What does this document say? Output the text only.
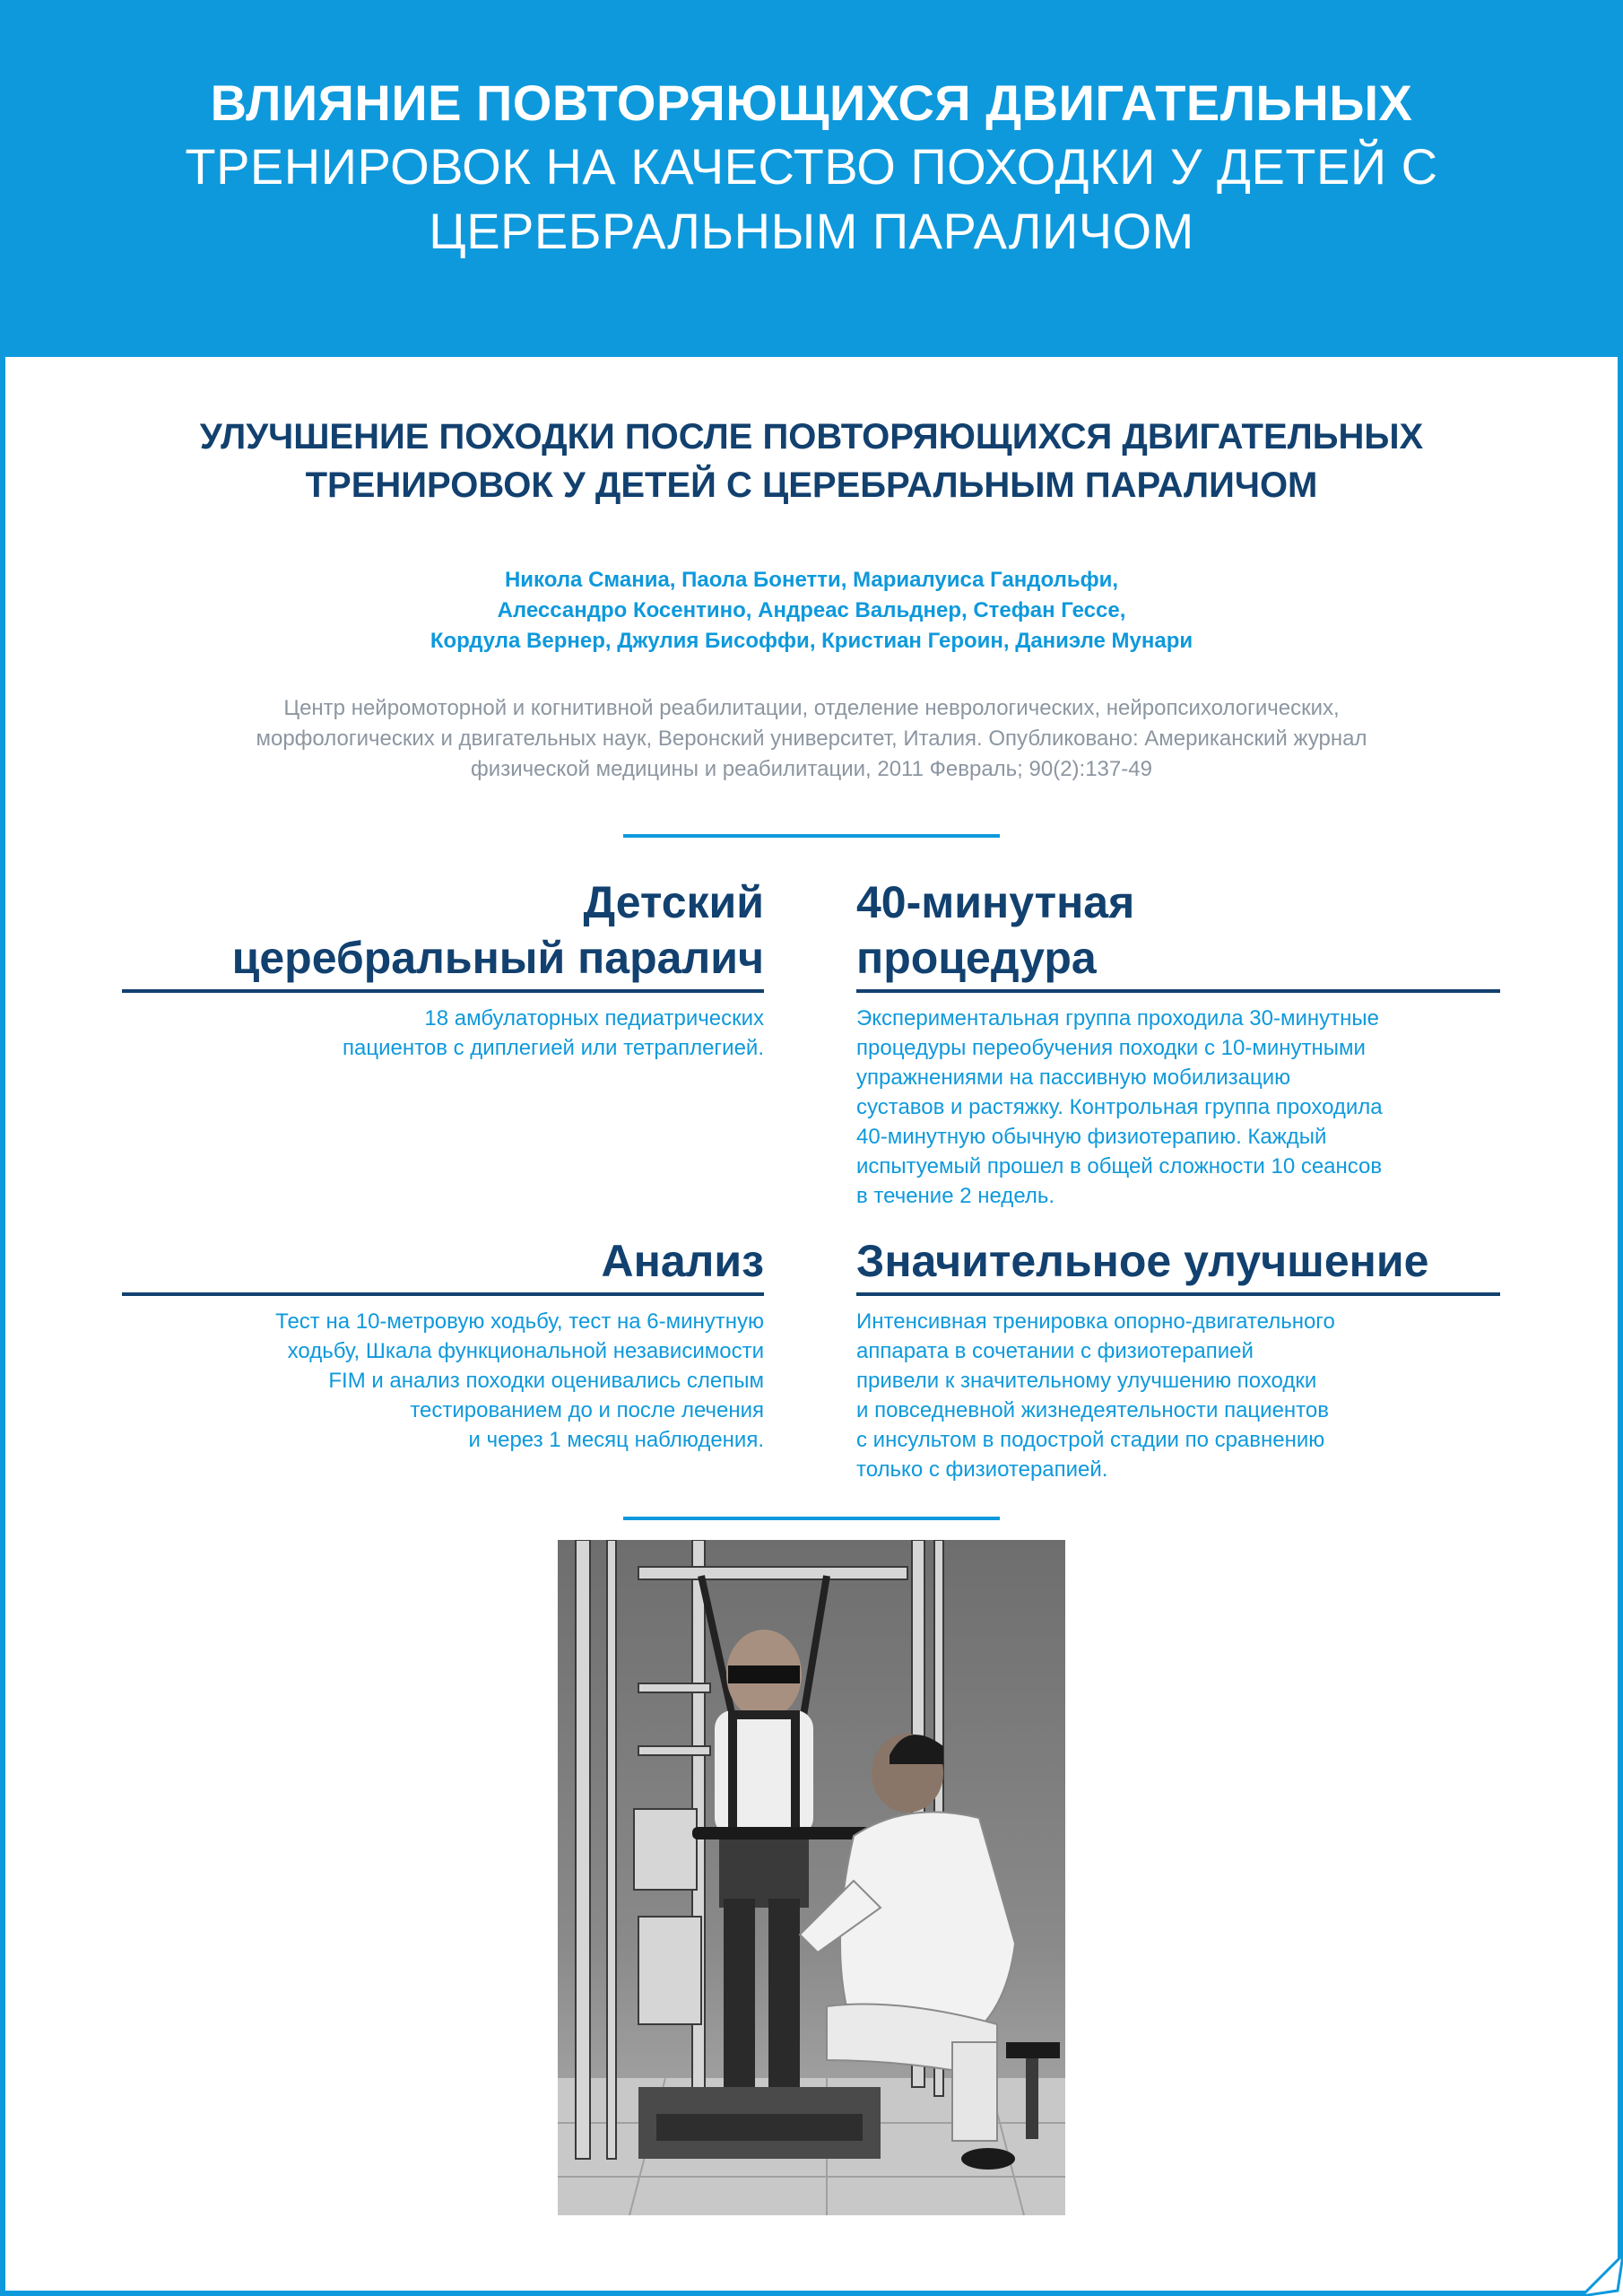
ВЛИЯНИЕ ПОВТОРЯЮЩИХСЯ ДВИГАТЕЛЬНЫХ
ТРЕНИРОВОК НА КАЧЕСТВО ПОХОДКИ У ДЕТЕЙ С
ЦЕРЕБРАЛЬНЫМ ПАРАЛИЧОМ
УЛУЧШЕНИЕ ПОХОДКИ ПОСЛЕ ПОВТОРЯЮЩИХСЯ ДВИГАТЕЛЬНЫХ
ТРЕНИРОВОК У ДЕТЕЙ С ЦЕРЕБРАЛЬНЫМ ПАРАЛИЧОМ
Никола Сманиа, Паола Бонетти, Мариалуиса Гандольфи,
Алессандро Косентино, Андреас Вальднер, Стефан Гессе,
Кордула Вернер, Джулия Бисоффи, Кристиан Героин, Даниэле Мунари
Центр нейромоторной и когнитивной реабилитации, отделение неврологических, нейропсихологических,
морфологических и двигательных наук, Веронский университет, Италия. Опубликовано: Американский журнал
физической медицины и реабилитации, 2011 Февраль; 90(2):137-49
Детский
церебральный паралич

18 амбулаторных педиатрических
пациентов с диплегией или тетраплегией.

40-минутная
процедура

Экспериментальная группа проходила 30-минутные
процедуры переобучения походки с 10-минутными
упражнениями на пассивную мобилизацию
суставов и растяжку. Контрольная группа проходила
40-минутную обычную физиотерапию. Каждый
испытуемый прошел в общей сложности 10 сеансов
в течение 2 недель.

Анализ

Тест на 10-метровую ходьбу, тест на 6-минутную
ходьбу, Шкала функциональной независимости
FIM и анализ походки оценивались слепым
тестированием до и после лечения
и через 1 месяц наблюдения.

Значительное улучшение

Интенсивная тренировка опорно-двигательного
аппарата в сочетании с физиотерапией
привели к значительному улучшению походки
и повседневной жизнедеятельности пациентов
с инсультом в подострой стадии по сравнению
только с физиотерапией.
